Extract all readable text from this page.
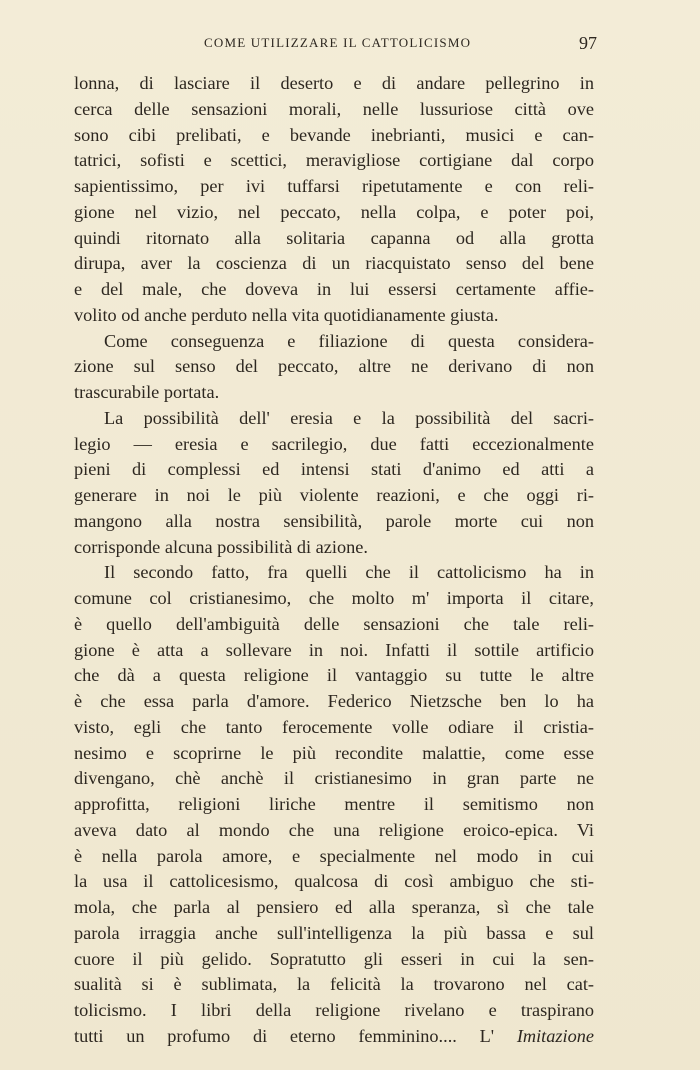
COME UTILIZZARE IL CATTOLICISMO	97
lonna, di lasciare il deserto e di andare pellegrino in
cerca delle sensazioni morali, nelle lussuriose città ove
sono cibi prelibati, e bevande inebrianti, musici e can-
tatrici, sofisti e scettici, meravigliose cortigiane dal corpo
sapientissimo, per ivi tuffarsi ripetutamente e con reli-
gione nel vizio, nel peccato, nella colpa, e poter poi,
quindi ritornato alla solitaria capanna od alla grotta
dirupa, aver la coscienza di un riacquistato senso del bene
e del male, che doveva in lui essersi certamente affie-
volito od anche perduto nella vita quotidianamente giusta.
Come conseguenza e filiazione di questa considera-
zione sul senso del peccato, altre ne derivano di non
trascurabile portata.
La possibilità dell' eresia e la possibilità del sacri-
legio — eresia e sacrilegio, due fatti eccezionalmente
pieni di complessi ed intensi stati d'animo ed atti a
generare in noi le più violente reazioni, e che oggi ri-
mangono alla nostra sensibilità, parole morte cui non
corrisponde alcuna possibilità di azione.
Il secondo fatto, fra quelli che il cattolicismo ha in
comune col cristianesimo, che molto m' importa il citare,
è quello dell'ambiguità delle sensazioni che tale reli-
gione è atta a sollevare in noi. Infatti il sottile artificio
che dà a questa religione il vantaggio su tutte le altre
è che essa parla d'amore. Federico Nietzsche ben lo ha
visto, egli che tanto ferocemente volle odiare il cristia-
nesimo e scoprirne le più recondite malattie, come esse
divengano, chè anchè il cristianesimo in gran parte ne
approfitta, religioni liriche mentre il semitismo non
aveva dato al mondo che una religione eroico-epica. Vi
è nella parola amore, e specialmente nel modo in cui
la usa il cattolicesismo, qualcosa di così ambiguo che sti-
mola, che parla al pensiero ed alla speranza, sì che tale
parola irraggia anche sull'intelligenza la più bassa e sul
cuore il più gelido. Sopratutto gli esseri in cui la sen-
sualità si è sublimata, la felicità la trovarono nel cat-
tolicismo. I libri della religione rivelano e traspirano
tutti un profumo di eterno femminino.... L' Imitazione
